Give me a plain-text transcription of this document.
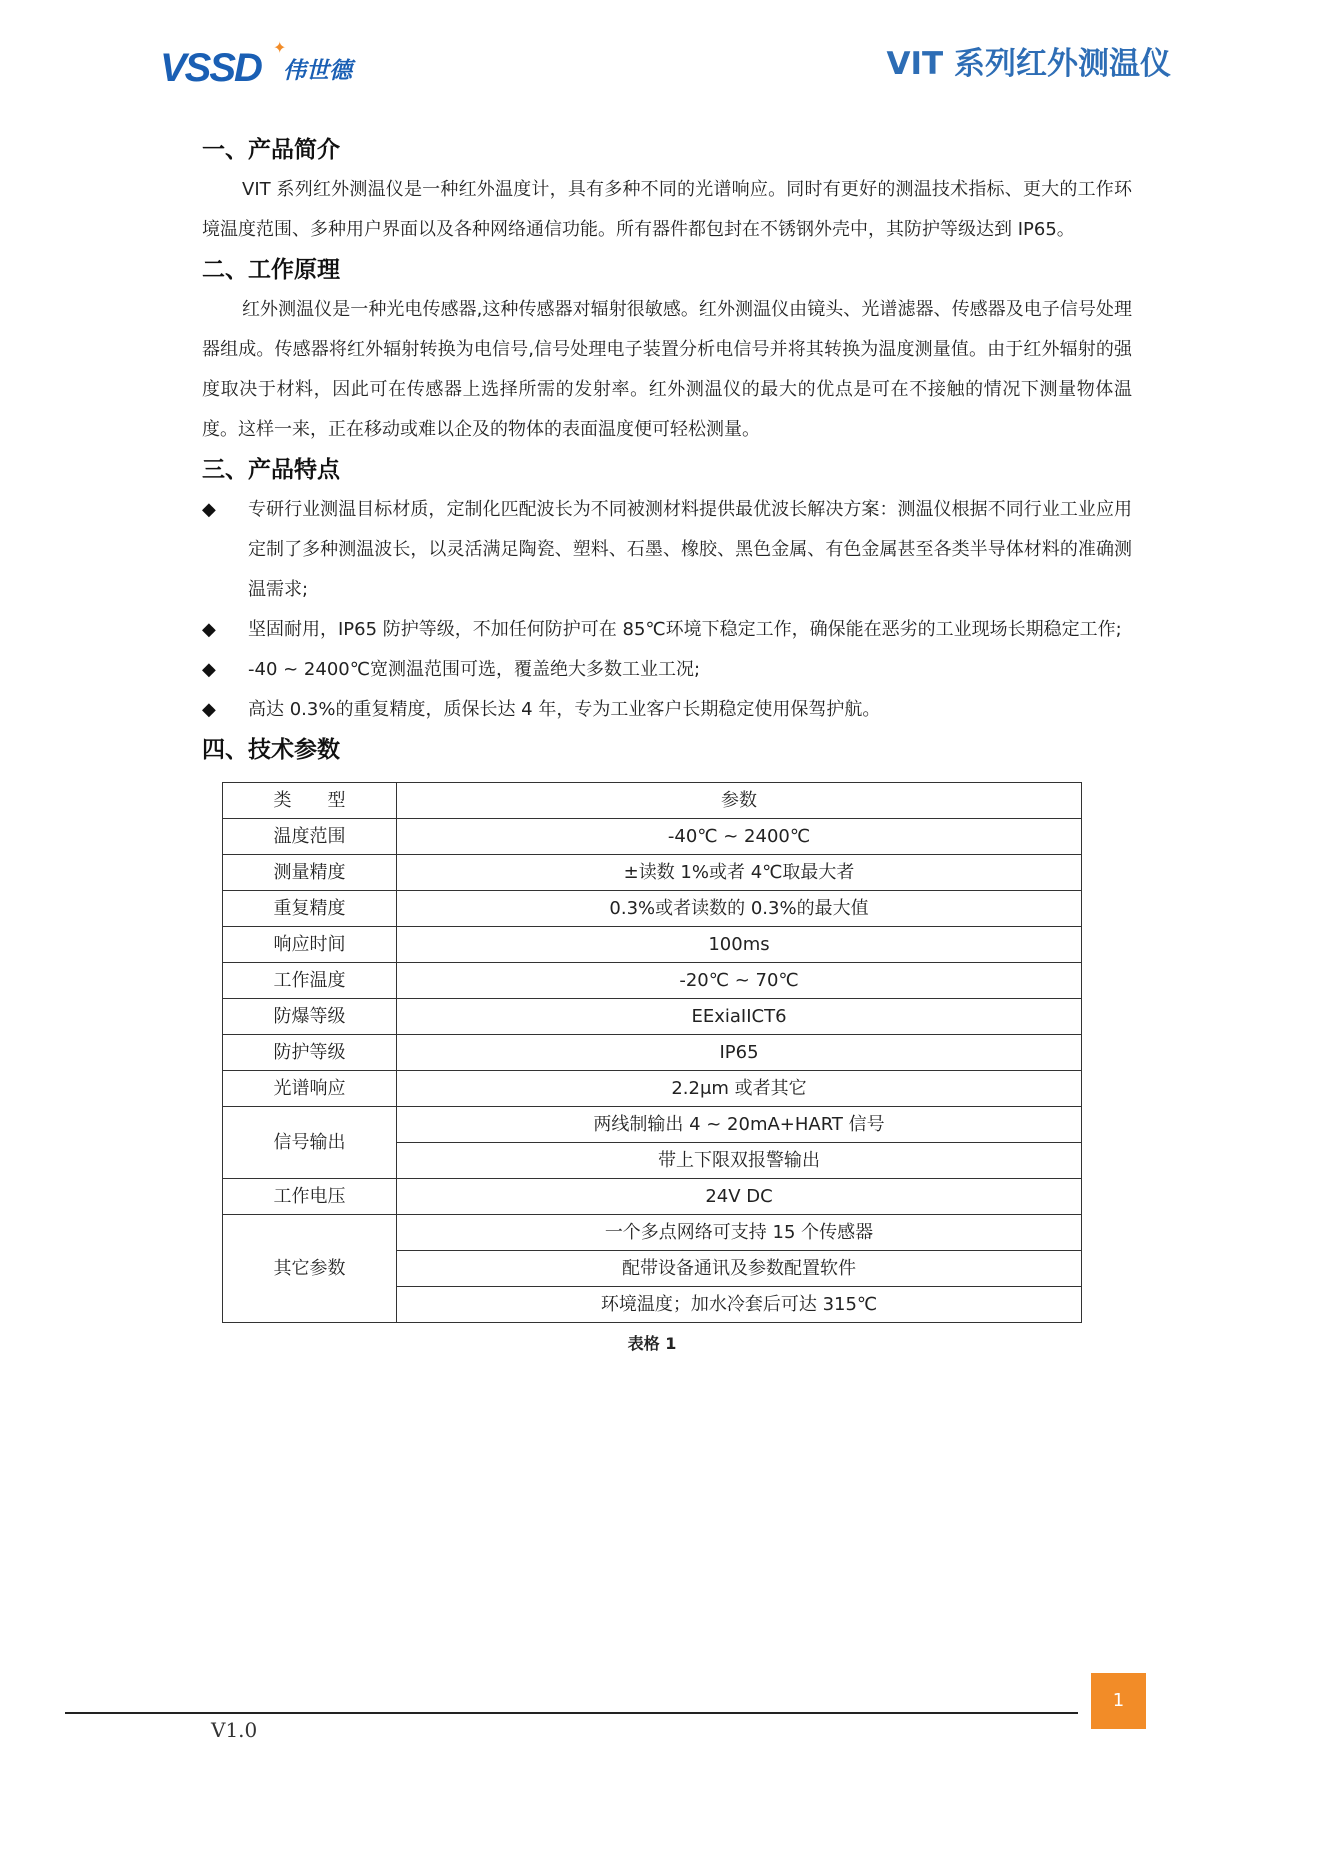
VSSD ✦
伟世德	VIT 系列红外测温仪
一、产品简介

VIT 系列红外测温仪是一种红外温度计，具有多种不同的光谱响应。同时有更好的测温技术指标、更大的工作环境温度范围、多种用户界面以及各种网络通信功能。所有器件都包封在不锈钢外壳中，其防护等级达到 IP65。

二、工作原理

红外测温仪是一种光电传感器,这种传感器对辐射很敏感。红外测温仪由镜头、光谱滤器、传感器及电子信号处理器组成。传感器将红外辐射转换为电信号,信号处理电子装置分析电信号并将其转换为温度测量值。由于红外辐射的强度取决于材料，因此可在传感器上选择所需的发射率。红外测温仪的最大的优点是可在不接触的情况下测量物体温度。这样一来，正在移动或难以企及的物体的表面温度便可轻松测量。

三、产品特点
◆ 专研行业测温目标材质，定制化匹配波长为不同被测材料提供最优波长解决方案：测温仪根据不同行业工业应用定制了多种测温波长，以灵活满足陶瓷、塑料、石墨、橡胶、黑色金属、有色金属甚至各类半导体材料的准确测温需求;
◆ 坚固耐用，IP65 防护等级，不加任何防护可在 85℃环境下稳定工作，确保能在恶劣的工业现场长期稳定工作;
◆ -40 ~ 2400℃宽测温范围可选，覆盖绝大多数工业工况;
◆ 高达 0.3%的重复精度，质保长达 4 年，专为工业客户长期稳定使用保驾护航。
四、技术参数
类　　型	参数
温度范围	-40℃ ~ 2400℃
测量精度	±读数 1%或者 4℃取最大者
重复精度	0.3%或者读数的 0.3%的最大值
响应时间	100ms
工作温度	-20℃ ~ 70℃
防爆等级	EExiaIICT6
防护等级	IP65
光谱响应	2.2μm 或者其它
信号输出	两线制输出 4 ~ 20mA+HART 信号
	带上下限双报警输出
工作电压	24V DC
其它参数	一个多点网络可支持 15 个传感器
	配带设备通讯及参数配置软件
	环境温度；加水冷套后可达 315℃
表格 1
V1.0
1
